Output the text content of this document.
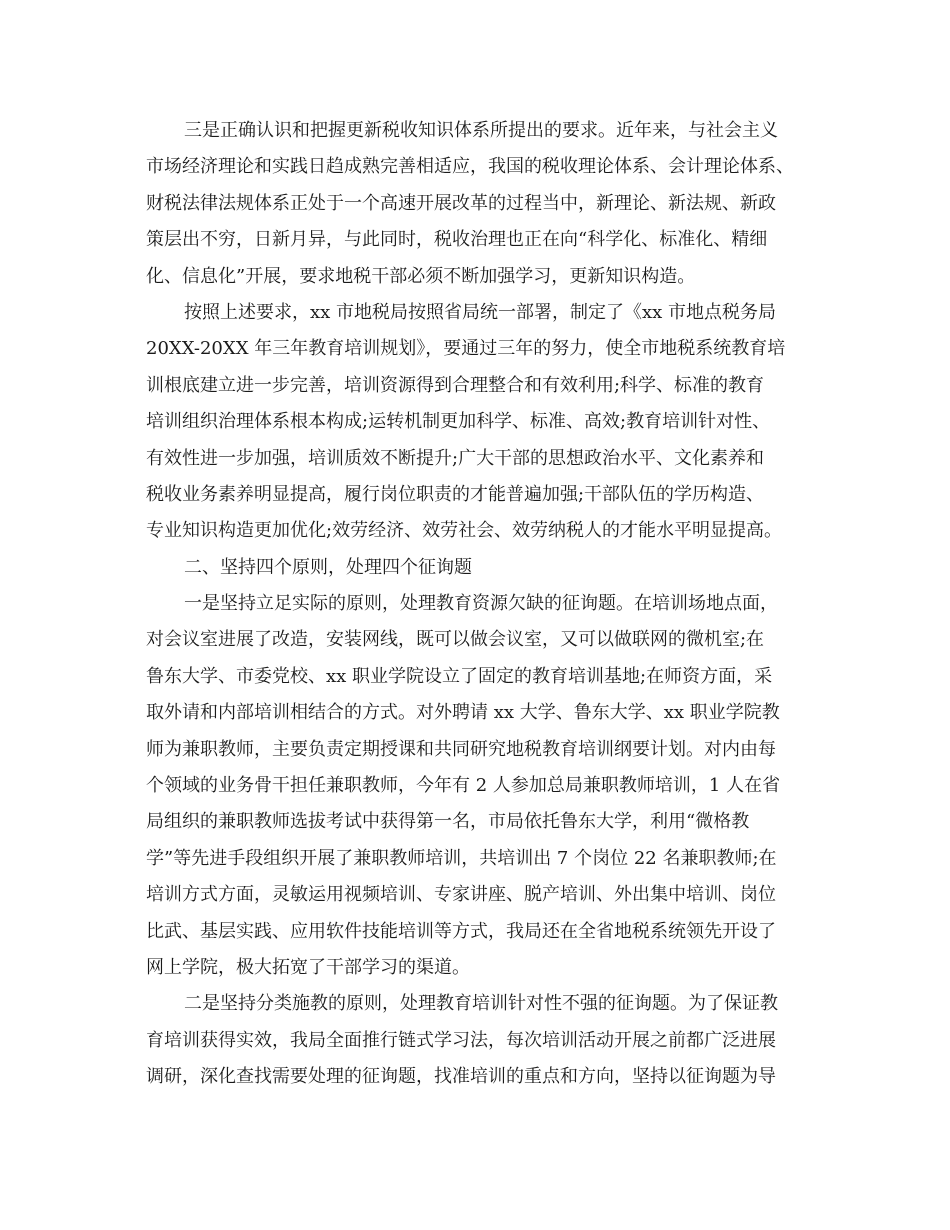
三是正确认识和把握更新税收知识体系所提出的要求。近年来，与社会主义
市场经济理论和实践日趋成熟完善相适应，我国的税收理论体系、会计理论体系、
财税法律法规体系正处于一个高速开展改革的过程当中，新理论、新法规、新政
策层出不穷，日新月异，与此同时，税收治理也正在向“科学化、标准化、精细
化、信息化”开展，要求地税干部必须不断加强学习，更新知识构造。
按照上述要求，xx 市地税局按照省局统一部署，制定了《xx 市地点税务局
20XX-20XX 年三年教育培训规划》，要通过三年的努力，使全市地税系统教育培
训根底建立进一步完善，培训资源得到合理整合和有效利用;科学、标准的教育
培训组织治理体系根本构成;运转机制更加科学、标准、高效;教育培训针对性、
有效性进一步加强，培训质效不断提升;广大干部的思想政治水平、文化素养和
税收业务素养明显提高，履行岗位职责的才能普遍加强;干部队伍的学历构造、
专业知识构造更加优化;效劳经济、效劳社会、效劳纳税人的才能水平明显提高。
二、坚持四个原则，处理四个征询题
一是坚持立足实际的原则，处理教育资源欠缺的征询题。在培训场地点面，
对会议室进展了改造，安装网线，既可以做会议室，又可以做联网的微机室;在
鲁东大学、市委党校、xx 职业学院设立了固定的教育培训基地;在师资方面，采
取外请和内部培训相结合的方式。对外聘请 xx 大学、鲁东大学、xx 职业学院教
师为兼职教师，主要负责定期授课和共同研究地税教育培训纲要计划。对内由每
个领域的业务骨干担任兼职教师，今年有 2 人参加总局兼职教师培训，1 人在省
局组织的兼职教师选拔考试中获得第一名，市局依托鲁东大学，利用“微格教
学”等先进手段组织开展了兼职教师培训，共培训出 7 个岗位 22 名兼职教师;在
培训方式方面，灵敏运用视频培训、专家讲座、脱产培训、外出集中培训、岗位
比武、基层实践、应用软件技能培训等方式，我局还在全省地税系统领先开设了
网上学院，极大拓宽了干部学习的渠道。
二是坚持分类施教的原则，处理教育培训针对性不强的征询题。为了保证教
育培训获得实效，我局全面推行链式学习法，每次培训活动开展之前都广泛进展
调研，深化查找需要处理的征询题，找准培训的重点和方向，坚持以征询题为导
